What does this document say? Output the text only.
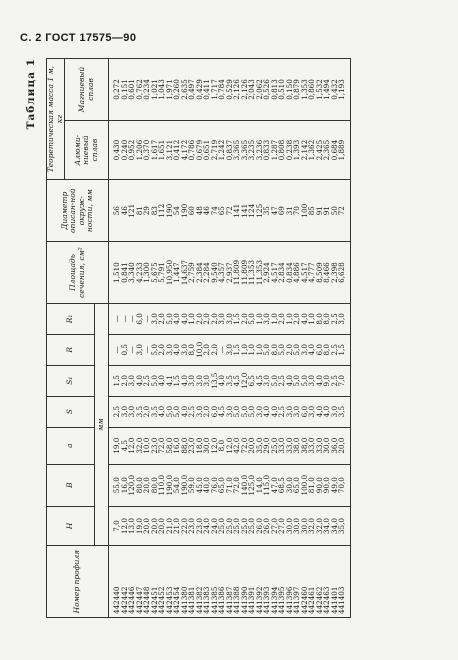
С. 2 ГОСТ 17575—90
Таблица 1
Номер профиля	H	B	a	S	S₁	R	R₁	Площадь сечения, см²	Диаметр описан-ной окруж-ности, мм	Теоретическая масса 1 м, кг	
										Алюми-ниевый сплав	Магниевый сплав
	мм										
442440	7,0	55,0	19,0	2,5	1,5	—	—	1,510	56	0,430	0,272
442442	12,0	16,0	4,5	3,0	2,0	0,5	—	0,841	46	0,240	0,151
442446	13,0	120,0	12,0	3,0	3,0	—	—	3,340	121	0,952	0,601
442447	19,0	80,0	32,0	3,5	4,0	3,0	6,0	4,233	81	1,206	0,762
442448	20,0	20,0	10,0	2,0	2,5	—	—	1,300	29	0,370	0,234
442451	20,0	80,0	23,0	3,5	5,0	5,0	3,0	5,675	83	1,617	1,021
442452	20,0	110,0	72,0	4,0	4,0	2,0	2,0	5,791	112	1,651	1,043
442453	21,0	190,0	58,0	5,0	4,1	3,0	5,0	10,950	190	3,121	1,971
442454	21,0	54,0	16,0	5,0	1,5	4,0	4,0	1,447	54	0,412	0,260
441380	22,0	190,0	88,0	4,0	4,0	3,0	4,0	14,637	190	4,172	2,635
441381	23,0	59,0	23,0	2,5	3,0	8,0	1,0	2,759	60	0,786	0,497
441382	23,0	45,0	18,0	3,0	3,0	10,0	2,0	2,384	48	0,679	0,429
441383	24,0	40,0	30,0	2,0	3,0	2,0	2,0	2,284	46	0,651	0,411
441385	24,0	76,0	12,0	6,0	13,5	2,0	2,0	9,540	74	2,719	1,717
441386	25,0	65,0	8,0	4,5	4,0	—	3,0	4,357	65	1,242	0,784
441387	25,0	71,0	12,0	3,0	3,5	3,0	3,0	2,937	72	0,837	0,529
441388	25,0	72,0	42,0	5,0	4,5	1,5	1,5	11,809	141	3,365	2,126
441390	25,0	140,0	72,0	5,0	12,0	1,0	2,0	11,809	141	3,365	2,126
441391	25,0	125,0	20,0	5,0	6,5	1,0	5,0	11,353	124	3,235	2,043
441392	26,0	14,0	35,0	3,0	4,5	1,0	1,0	11,353	125	3,236	2,062
441393	26,0	115,0	29,0	4,0	3,0	5,0	3,0	2,924	35	0,833	0,526
441394	27,0	47,0	25,0	4,0	5,0	8,0	1,0	4,517	47	1,287	0,813
441395	27,0	68,5	33,0	2,5	2,5	5,0	2,0	2,834	69	0,808	0,510
441396	30,0	30,0	33,0	3,0	4,0	2,0	1,0	0,834	31	0,238	0,150
441397	30,0	65,0	38,0	3,0	5,0	5,0	2,0	4,886	70	1,393	0,879
442460	30,0	100,0	38,0	6,0	5,0	3,0	4,0	4,517	100	2,142	1,353
442461	32,0	81,0	33,0	3,0	3,0	4,0	1,0	4,777	85	1,362	0,860
442462	32,0	90,0	33,0	4,0	4,0	6,0	8,0	8,509	91	2,425	1,532
442463	34,0	90,0	30,0	4,0	9,0	8,0	8,0	8,466	91	2,365	1,494
441401	34,0	49,0	36,0	3,0	2,5	2,5	2,5	2,398	50	0,684	0,432
441403	35,0	70,0	20,0	3,5	7,0	1,5	3,0	6,628	72	1,889	1,193
